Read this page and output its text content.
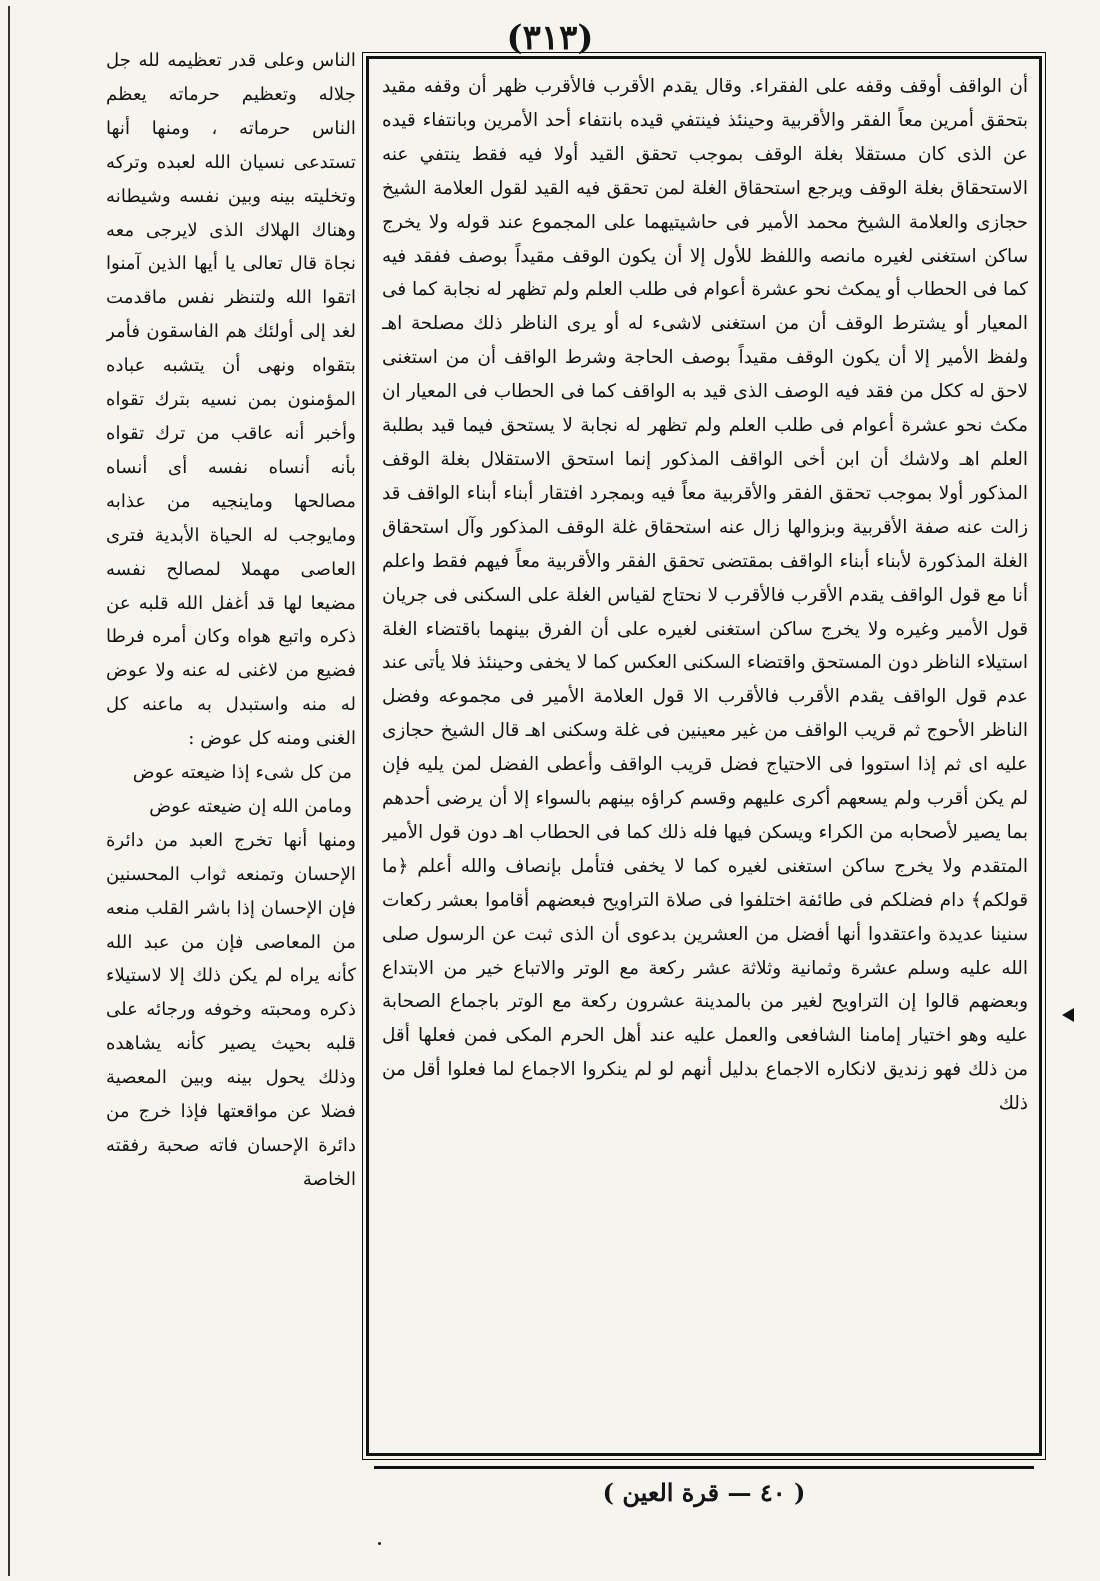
(٣١٣)

الناس وعلى قدر تعظيمه لله جل جلاله وتعظيم حرماته يعظم الناس حرماته ، ومنها أنها تستدعى نسيان الله لعبده وتركه وتخليته بينه وبين نفسه وشيطانه وهناك الهلاك الذى لايرجى معه نجاة قال تعالى يا أيها الذين آمنوا اتقوا الله ولتنظر نفس ماقدمت لغد إلى أولئك هم الفاسقون فأمر بتقواه ونهى أن يتشبه عباده المؤمنون بمن نسيه بترك تقواه وأخبر أنه عاقب من ترك تقواه بأنه أنساه نفسه أى أنساه مصالحها وماينجيه من عذابه ومايوجب له الحياة الأبدية فترى العاصى مهملا لمصالح نفسه مضيعا لها قد أغفل الله قلبه عن ذكره واتبع هواه وكان أمره فرطا فضيع من لاغنى له عنه ولا عوض له منه واستبدل به ماعنه كل الغنى ومنه كل عوض :

من كل شىء إذا ضيعته عوض

ومامن الله إن ضيعته عوض

ومنها أنها تخرج العبد من دائرة الإحسان وتمنعه ثواب المحسنين فإن الإحسان إذا باشر القلب منعه من المعاصى فإن من عبد الله كأنه يراه لم يكن ذلك إلا لاستيلاء ذكره ومحبته وخوفه ورجائه على قلبه بحيث يصير كأنه يشاهده وذلك يحول بينه وبين المعصية فضلا عن مواقعتها فإذا خرج من دائرة الإحسان فاته صحبة رفقته الخاصة

أن الواقف أوقف وقفه على الفقراء. وقال يقدم الأقرب فالأقرب ظهر أن وقفه مقيد بتحقق أمرين معاً الفقر والأقربية وحينئذ فينتفي قيده بانتفاء أحد الأمرين وبانتفاء قيده عن الذى كان مستقلا بغلة الوقف بموجب تحقق القيد أولا فيه فقط ينتفي عنه الاستحقاق بغلة الوقف ويرجع استحقاق الغلة لمن تحقق فيه القيد لقول العلامة الشيخ حجازى والعلامة الشيخ محمد الأمير فى حاشيتيهما على المجموع عند قوله ولا يخرج ساكن استغنى لغيره مانصه واللفظ للأول إلا أن يكون الوقف مقيداً بوصف ففقد فيه كما فى الحطاب أو يمكث نحو عشرة أعوام فى طلب العلم ولم تظهر له نجابة كما فى المعيار أو يشترط الوقف أن من استغنى لاشىء له أو يرى الناظر ذلك مصلحة اهـ ولفظ الأمير إلا أن يكون الوقف مقيداً بوصف الحاجة وشرط الواقف أن من استغنى لاحق له ككل من فقد فيه الوصف الذى قيد به الواقف كما فى الحطاب فى المعيار ان مكث نحو عشرة أعوام فى طلب العلم ولم تظهر له نجابة لا يستحق فيما قيد بطلبة العلم اهـ ولاشك أن ابن أخى الواقف المذكور إنما استحق الاستقلال بغلة الوقف المذكور أولا بموجب تحقق الفقر والأقربية معاً فيه وبمجرد افتقار أبناء أبناء الواقف قد زالت عنه صفة الأقربية وبزوالها زال عنه استحقاق غلة الوقف المذكور وآل استحقاق الغلة المذكورة لأبناء أبناء الواقف بمقتضى تحقق الفقر والأقربية معاً فيهم فقط واعلم أنا مع قول الواقف يقدم الأقرب فالأقرب لا نحتاج لقياس الغلة على السكنى فى جريان قول الأمير وغيره ولا يخرج ساكن استغنى لغيره على أن الفرق بينهما باقتضاء الغلة استيلاء الناظر دون المستحق واقتضاء السكنى العكس كما لا يخفى وحينئذ فلا يأتى عند عدم قول الواقف يقدم الأقرب فالأقرب الا قول العلامة الأمير فى مجموعه وفضل الناظر الأحوج ثم قريب الواقف من غير معينين فى غلة وسكنى اهـ قال الشيخ حجازى عليه اى ثم إذا استووا فى الاحتياج فضل قريب الواقف وأعطى الفضل لمن يليه فإن لم يكن أقرب ولم يسعهم أكرى عليهم وقسم كراؤه بينهم بالسواء إلا أن يرضى أحدهم بما يصير لأصحابه من الكراء ويسكن فيها فله ذلك كما فى الحطاب اهـ دون قول الأمير المتقدم ولا يخرج ساكن استغنى لغيره كما لا يخفى فتأمل بإنصاف والله أعلم ﴿ما قولكم﴾ دام فضلكم فى طائفة اختلفوا فى صلاة التراويح فبعضهم أقاموا بعشر ركعات سنينا عديدة واعتقدوا أنها أفضل من العشرين بدعوى أن الذى ثبت عن الرسول صلى الله عليه وسلم عشرة وثمانية وثلاثة عشر ركعة مع الوتر والاتباع خير من الابتداع وبعضهم قالوا إن التراويح لغير من بالمدينة عشرون ركعة مع الوتر باجماع الصحابة عليه وهو اختيار إمامنا الشافعى والعمل عليه عند أهل الحرم المكى فمن فعلها أقل من ذلك فهو زنديق لانكاره الاجماع بدليل أنهم لو لم ينكروا الاجماع لما فعلوا أقل من ذلك

( ٤٠ — قرة العين )
